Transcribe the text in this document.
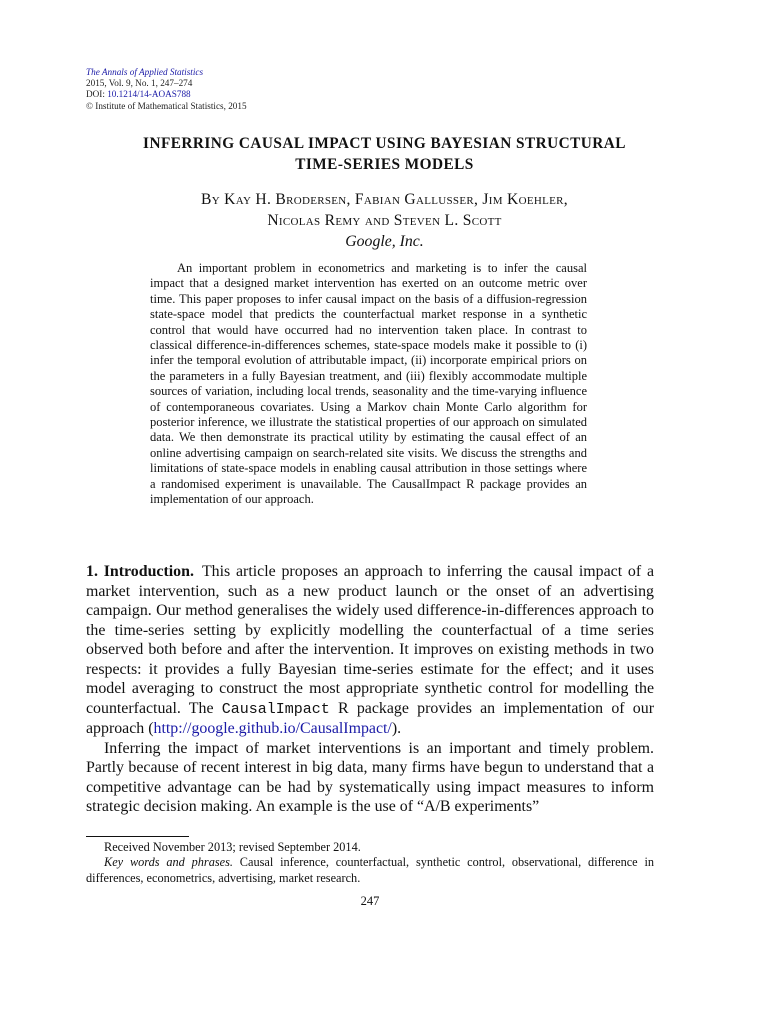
The Annals of Applied Statistics
2015, Vol. 9, No. 1, 247–274
DOI: 10.1214/14-AOAS788
© Institute of Mathematical Statistics, 2015
INFERRING CAUSAL IMPACT USING BAYESIAN STRUCTURAL
TIME-SERIES MODELS
By Kay H. Brodersen, Fabian Gallusser, Jim Koehler,
Nicolas Remy and Steven L. Scott
Google, Inc.
An important problem in econometrics and marketing is to infer the causal impact that a designed market intervention has exerted on an outcome metric over time. This paper proposes to infer causal impact on the basis of a diffusion-regression state-space model that predicts the counterfactual market response in a synthetic control that would have occurred had no intervention taken place. In contrast to classical difference-in-differences schemes, state-space models make it possible to (i) infer the temporal evolution of attributable impact, (ii) incorporate empirical priors on the parameters in a fully Bayesian treatment, and (iii) flexibly accommodate multiple sources of variation, including local trends, seasonality and the time-varying influence of contemporaneous covariates. Using a Markov chain Monte Carlo algorithm for posterior inference, we illustrate the statistical properties of our approach on simulated data. We then demonstrate its practical utility by estimating the causal effect of an online advertising campaign on search-related site visits. We discuss the strengths and limitations of state-space models in enabling causal attribution in those settings where a randomised experiment is unavailable. The CausalImpact R package provides an implementation of our approach.

1. Introduction. This article proposes an approach to inferring the causal impact of a market intervention, such as a new product launch or the onset of an advertising campaign. Our method generalises the widely used difference-in-differences approach to the time-series setting by explicitly modelling the counterfactual of a time series observed both before and after the intervention. It improves on existing methods in two respects: it provides a fully Bayesian time-series estimate for the effect; and it uses model averaging to construct the most appropriate synthetic control for modelling the counterfactual. The CausalImpact R package provides an implementation of our approach (http://google.github.io/CausalImpact/).

Inferring the impact of market interventions is an important and timely problem. Partly because of recent interest in big data, many firms have begun to understand that a competitive advantage can be had by systematically using impact measures to inform strategic decision making. An example is the use of “A/B experiments”

Received November 2013; revised September 2014.

Key words and phrases. Causal inference, counterfactual, synthetic control, observational, difference in differences, econometrics, advertising, market research.

247
